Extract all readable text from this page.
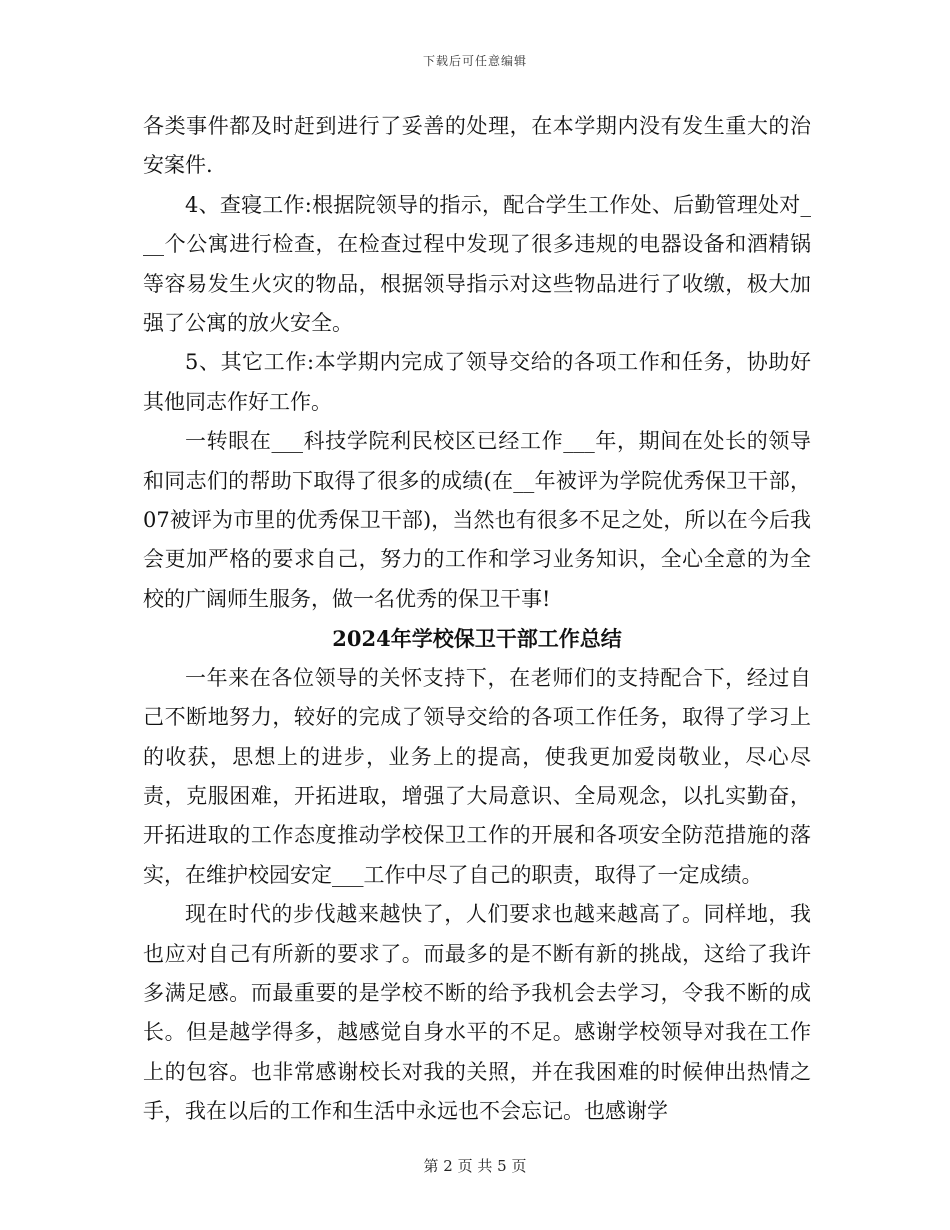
下载后可任意编辑

各类事件都及时赶到进行了妥善的处理，在本学期内没有发生重大的治安案件.

4、查寝工作:根据院领导的指示，配合学生工作处、后勤管理处对___个公寓进行检查，在检查过程中发现了很多违规的电器设备和酒精锅等容易发生火灾的物品，根据领导指示对这些物品进行了收缴，极大加强了公寓的放火安全。

5、其它工作:本学期内完成了领导交给的各项工作和任务，协助好其他同志作好工作。

一转眼在___科技学院利民校区已经工作___年，期间在处长的领导和同志们的帮助下取得了很多的成绩(在__年被评为学院优秀保卫干部，07被评为市里的优秀保卫干部)，当然也有很多不足之处，所以在今后我会更加严格的要求自己，努力的工作和学习业务知识，全心全意的为全校的广阔师生服务，做一名优秀的保卫干事!

2024年学校保卫干部工作总结

一年来在各位领导的关怀支持下，在老师们的支持配合下，经过自己不断地努力，较好的完成了领导交给的各项工作任务，取得了学习上的收获，思想上的进步，业务上的提高，使我更加爱岗敬业，尽心尽责，克服困难，开拓进取，增强了大局意识、全局观念，以扎实勤奋，开拓进取的工作态度推动学校保卫工作的开展和各项安全防范措施的落实，在维护校园安定___工作中尽了自己的职责，取得了一定成绩。

现在时代的步伐越来越快了，人们要求也越来越高了。同样地，我也应对自己有所新的要求了。而最多的是不断有新的挑战，这给了我许多满足感。而最重要的是学校不断的给予我机会去学习，令我不断的成长。但是越学得多，越感觉自身水平的不足。感谢学校领导对我在工作上的包容。也非常感谢校长对我的关照，并在我困难的时候伸出热情之手，我在以后的工作和生活中永远也不会忘记。也感谢学

第 2 页 共 5 页
